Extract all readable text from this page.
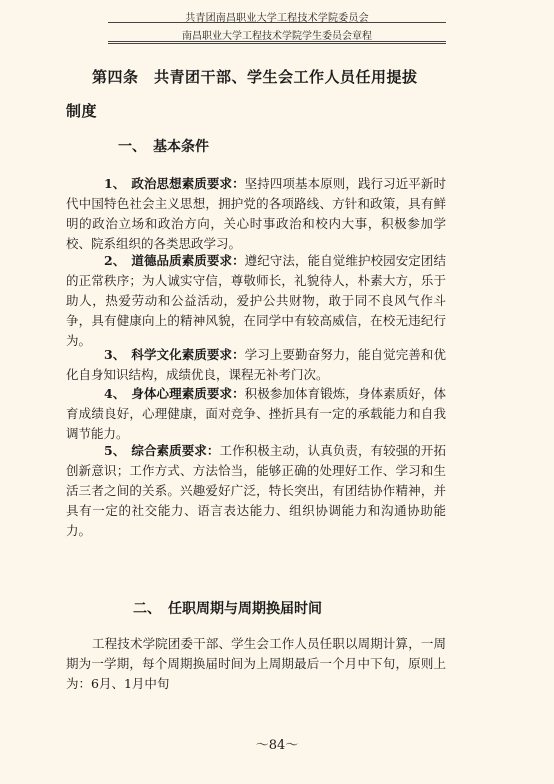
共青团南昌职业大学工程技术学院委员会
南昌职业大学工程技术学院学生委员会章程
第四条　共青团干部、学生会工作人员任用提拔
制度
一、　基本条件
1、 政治思想素质要求：坚持四项基本原则，践行习近平新时代中国特色社会主义思想，拥护党的各项路线、方针和政策，具有鲜明的政治立场和政治方向，关心时事政治和校内大事，积极参加学校、院系组织的各类思政学习。
2、 道德品质素质要求：遵纪守法，能自觉维护校园安定团结的正常秩序；为人诚实守信，尊敬师长，礼貌待人，朴素大方，乐于助人，热爱劳动和公益活动，爱护公共财物，敢于同不良风气作斗争，具有健康向上的精神风貌，在同学中有较高威信，在校无违纪行为。
3、 科学文化素质要求：学习上要勤奋努力，能自觉完善和优化自身知识结构，成绩优良，课程无补考门次。
4、 身体心理素质要求：积极参加体育锻炼，身体素质好，体育成绩良好，心理健康，面对竞争、挫折具有一定的承载能力和自我调节能力。
5、 综合素质要求：工作积极主动，认真负责，有较强的开拓创新意识；工作方式、方法恰当，能够正确的处理好工作、学习和生活三者之间的关系。兴趣爱好广泛，特长突出，有团结协作精神，并具有一定的社交能力、语言表达能力、组织协调能力和沟通协助能力。
二、　任职周期与周期换届时间
工程技术学院团委干部、学生会工作人员任职以周期计算，一周期为一学期，每个周期换届时间为上周期最后一个月中下旬，原则上为：6月、1月中旬
～84～
